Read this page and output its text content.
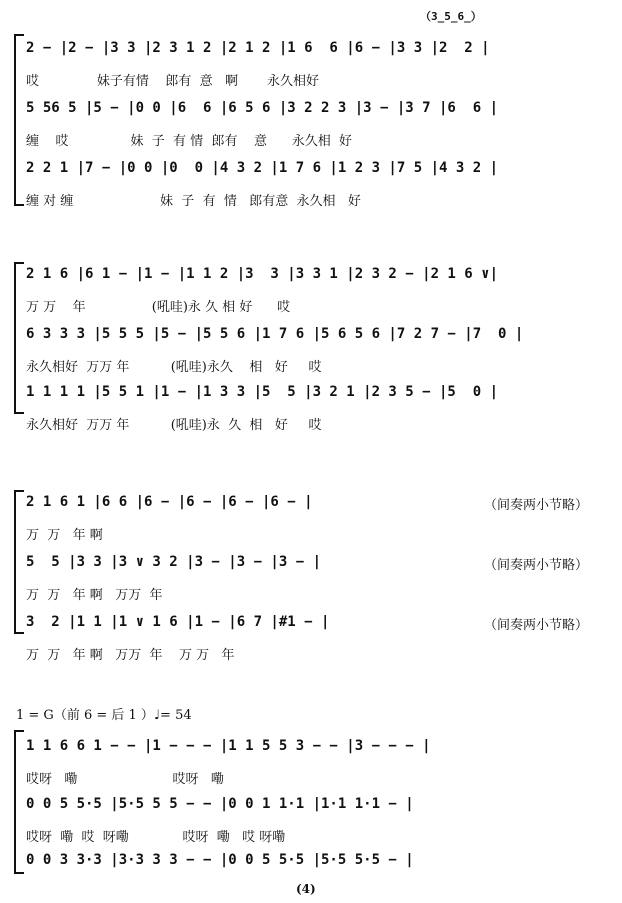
（3̲5̲6̲）
2 − |2 − |3 3 |2 3 1 2 |2 1 2 |1 6  6 |6 − |3 3 |2  2 |
哎              妹子有情    郎有  意   啊       永久相好
5 56 5 |5 − |0 0 |6  6 |6 5 6 |3 2 2 3 |3 − |3 7 |6  6 |
缠    哎               妹  子  有 情  郎有    意      永久相  好
2 2 1 |7 − |0 0 |0  0 |4 3 2 |1 7 6 |1 2 3 |7 5 |4 3 2 |
缠 对 缠                     妹  子  有  情   郎有意  永久相   好
2 1 6 |6 1 − |1 − |1 1 2 |3  3 |3 3 1 |2 3 2 − |2 1 6 ∨|
万 万    年                (吼哇)永 久 相 好      哎
6 3 3 3 |5 5 5 |5 − |5 5 6 |1 7 6 |5 6 5 6 |7 2 7 − |7  0 |
永久相好  万万 年          (吼哇)永久    相   好     哎
1 1 1 1 |5 5 1 |1 − |1 3 3 |5  5 |3 2 1 |2 3 5 − |5  0 |
永久相好  万万 年          (吼哇)永  久  相   好     哎
2 1 6 1 |6 6 |6 − |6 − |6 − |6 − |	（间奏两小节略）
万  万   年 啊
5  5 |3 3 |3 ∨ 3 2 |3 − |3 − |3 − |	（间奏两小节略）
万  万   年 啊   万万  年
3  2 |1 1 |1 ∨ 1 6 |1 − |6 7 |#1 − |	（间奏两小节略）
万  万   年 啊   万万  年    万 万   年
1 = G（前 6 = 后 1 ）♩= 54
1 1 6 6 1 − − |1 − − − |1 1 5 5 3 − − |3 − − − |
哎呀   嘞                       哎呀   嘞
0 0 5 5·5 |5·5 5 5 − − |0 0 1 1·1 |1·1 1·1 − |
哎呀  嘞  哎  呀嘞             哎呀  嘞   哎 呀嘞
0 0 3 3·3 |3·3 3 3 − − |0 0 5 5·5 |5·5 5·5 − |
(4)
